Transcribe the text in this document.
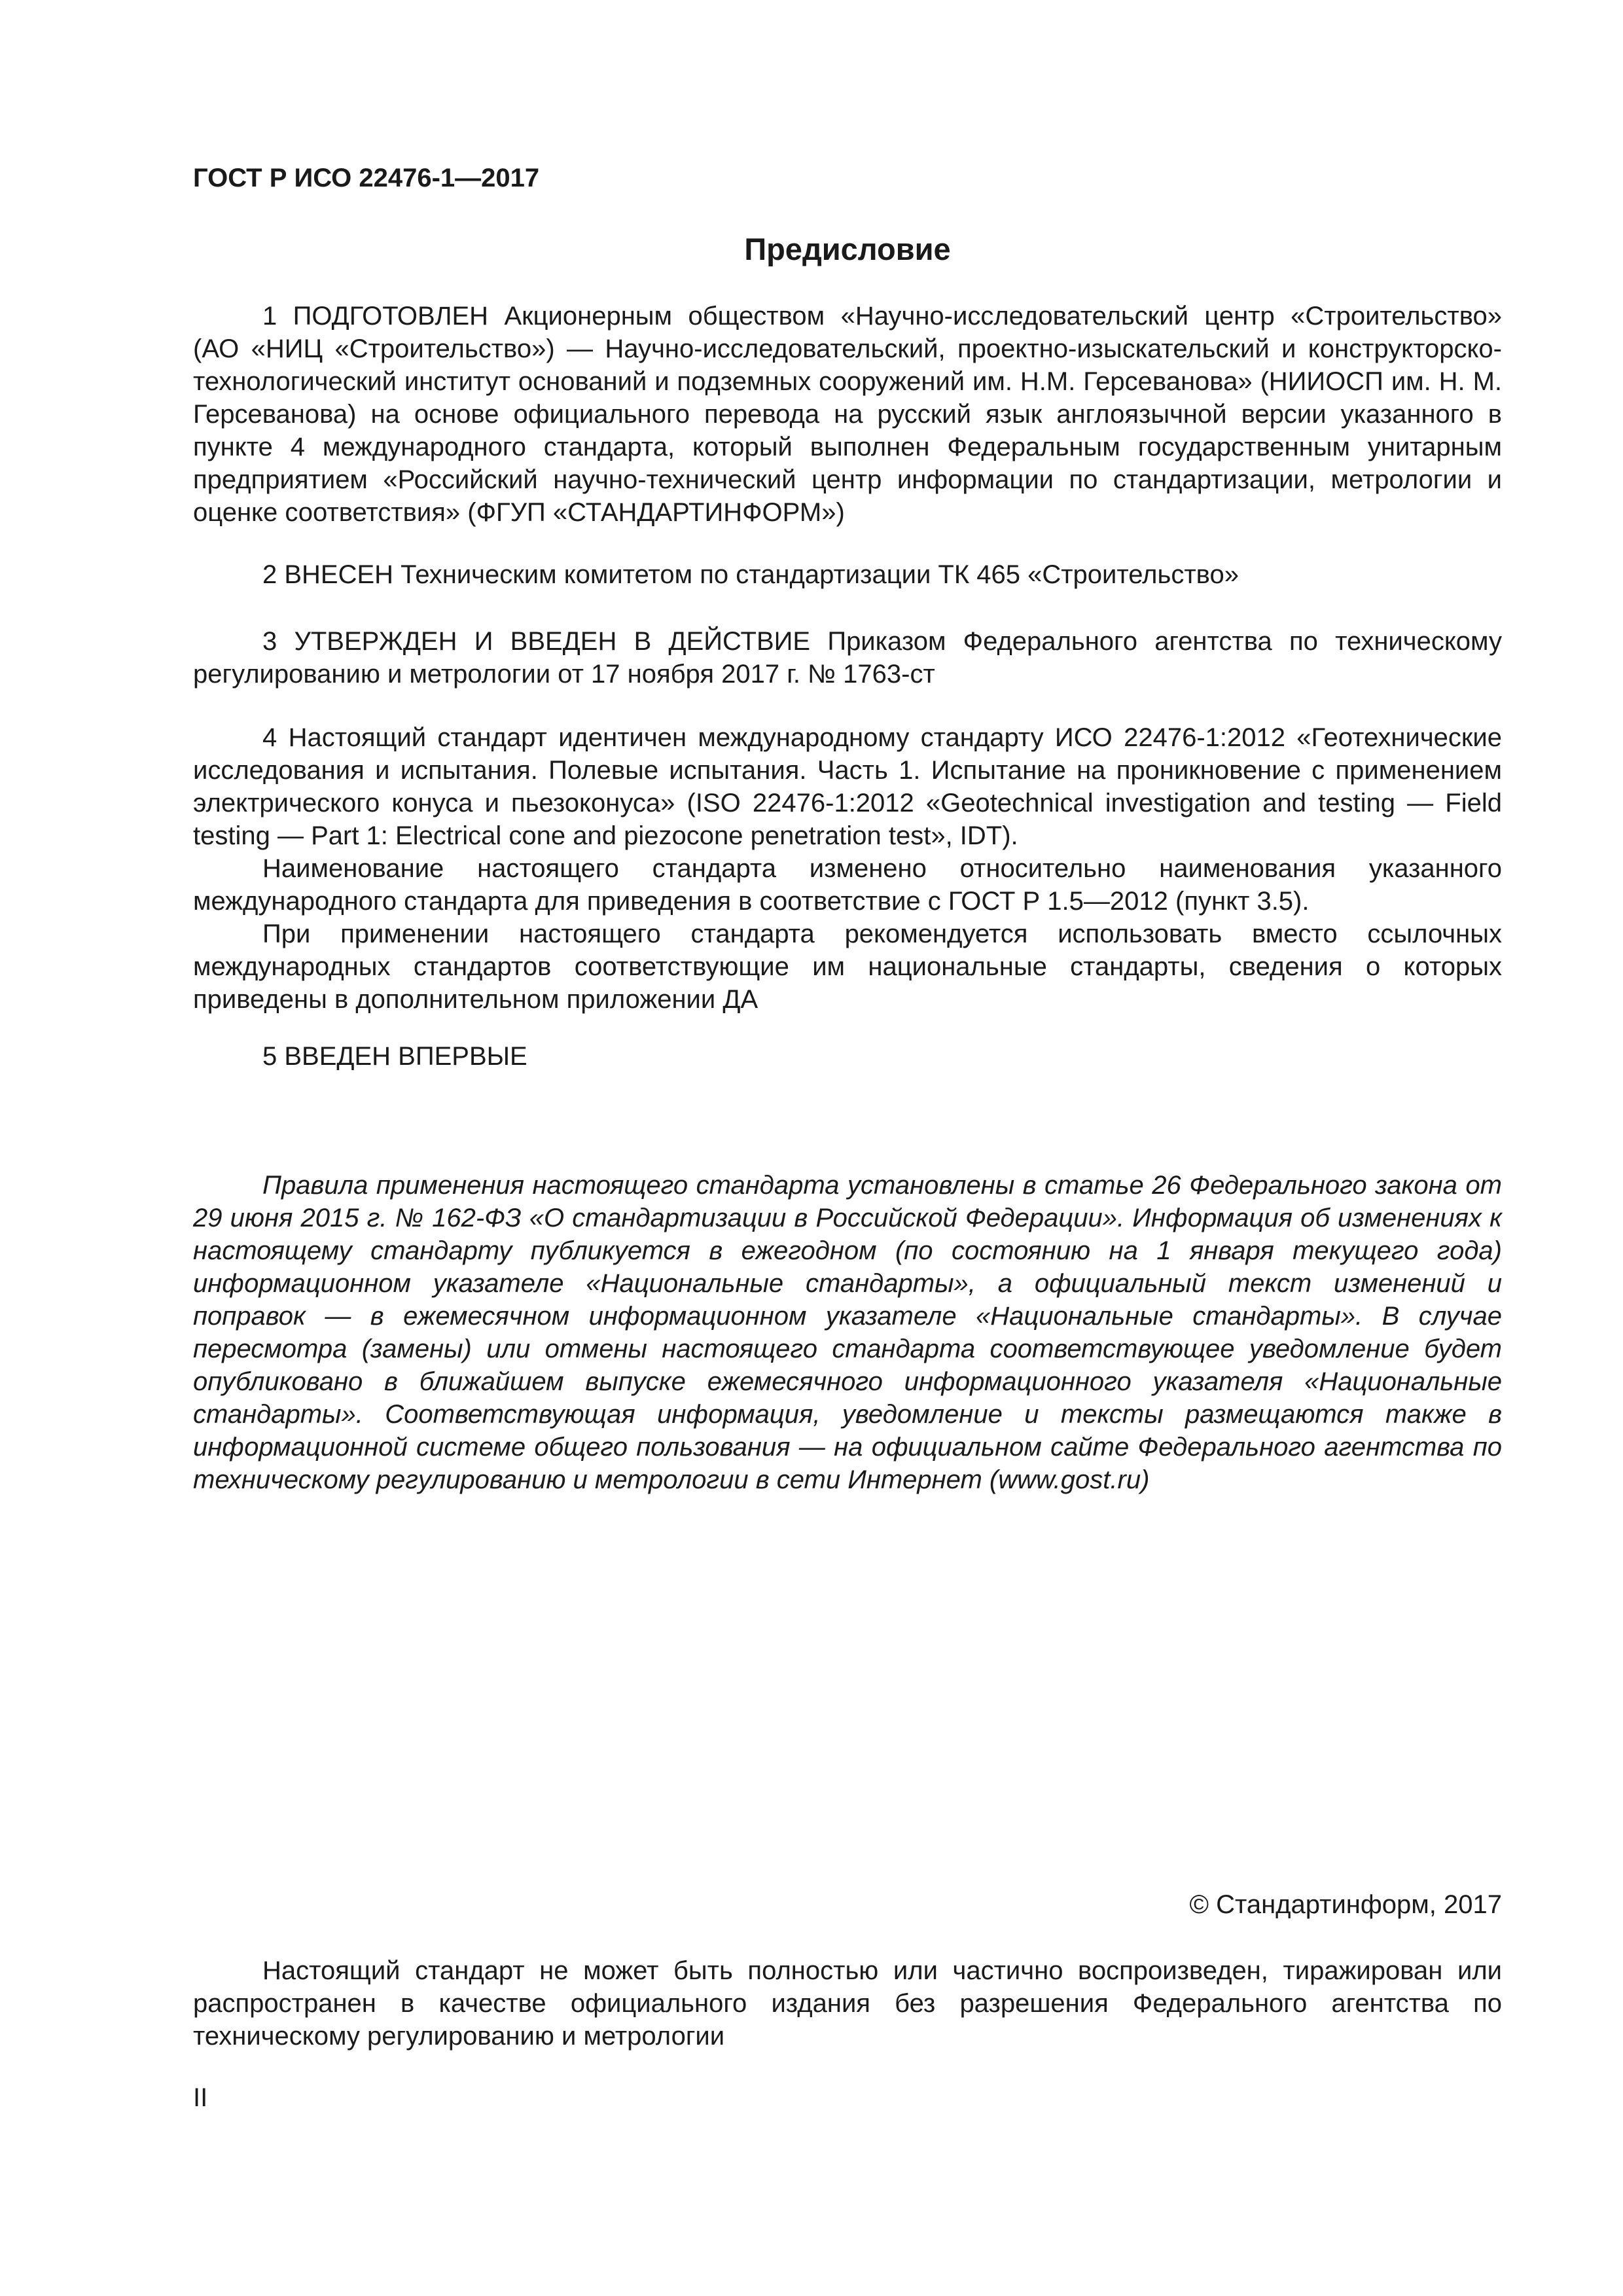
ГОСТ Р ИСО 22476-1—2017
Предисловие

1 ПОДГОТОВЛЕН Акционерным обществом «Научно-исследовательский центр «Строительство» (АО «НИЦ «Строительство») — Научно-исследовательский, проектно-изыскательский и конструкторско-технологический институт оснований и подземных сооружений им. Н.М. Герсеванова» (НИИОСП им. Н. М. Герсеванова) на основе официального перевода на русский язык англоязычной версии указанного в пункте 4 международного стандарта, который выполнен Федеральным государственным унитарным предприятием «Российский научно-технический центр информации по стандартизации, метрологии и оценке соответствия» (ФГУП «СТАНДАРТИНФОРМ»)

2 ВНЕСЕН Техническим комитетом по стандартизации ТК 465 «Строительство»

3 УТВЕРЖДЕН И ВВЕДЕН В ДЕЙСТВИЕ Приказом Федерального агентства по техническому регулированию и метрологии от 17 ноября 2017 г. № 1763-ст

4 Настоящий стандарт идентичен международному стандарту ИСО 22476-1:2012 «Геотехнические исследования и испытания. Полевые испытания. Часть 1. Испытание на проникновение с применением электрического конуса и пьезоконуса» (ISO 22476-1:2012 «Geotechnical investigation and testing — Field testing — Part 1: Electrical cone and piezocone penetration test», IDT).

Наименование настоящего стандарта изменено относительно наименования указанного международного стандарта для приведения в соответствие с ГОСТ Р 1.5—2012 (пункт 3.5).

При применении настоящего стандарта рекомендуется использовать вместо ссылочных международных стандартов соответствующие им национальные стандарты, сведения о которых приведены в дополнительном приложении ДА

5 ВВЕДЕН ВПЕРВЫЕ

Правила применения настоящего стандарта установлены в статье 26 Федерального закона от 29 июня 2015 г. № 162-ФЗ «О стандартизации в Российской Федерации». Информация об изменениях к настоящему стандарту публикуется в ежегодном (по состоянию на 1 января текущего года) информационном указателе «Национальные стандарты», а официальный текст изменений и поправок — в ежемесячном информационном указателе «Национальные стандарты». В случае пересмотра (замены) или отмены настоящего стандарта соответствующее уведомление будет опубликовано в ближайшем выпуске ежемесячного информационного указателя «Национальные стандарты». Соответствующая информация, уведомление и тексты размещаются также в информационной системе общего пользования — на официальном сайте Федерального агентства по техническому регулированию и метрологии в сети Интернет (www.gost.ru)

© Стандартинформ, 2017

Настоящий стандарт не может быть полностью или частично воспроизведен, тиражирован или распространен в качестве официального издания без разрешения Федерального агентства по техническому регулированию и метрологии

II
